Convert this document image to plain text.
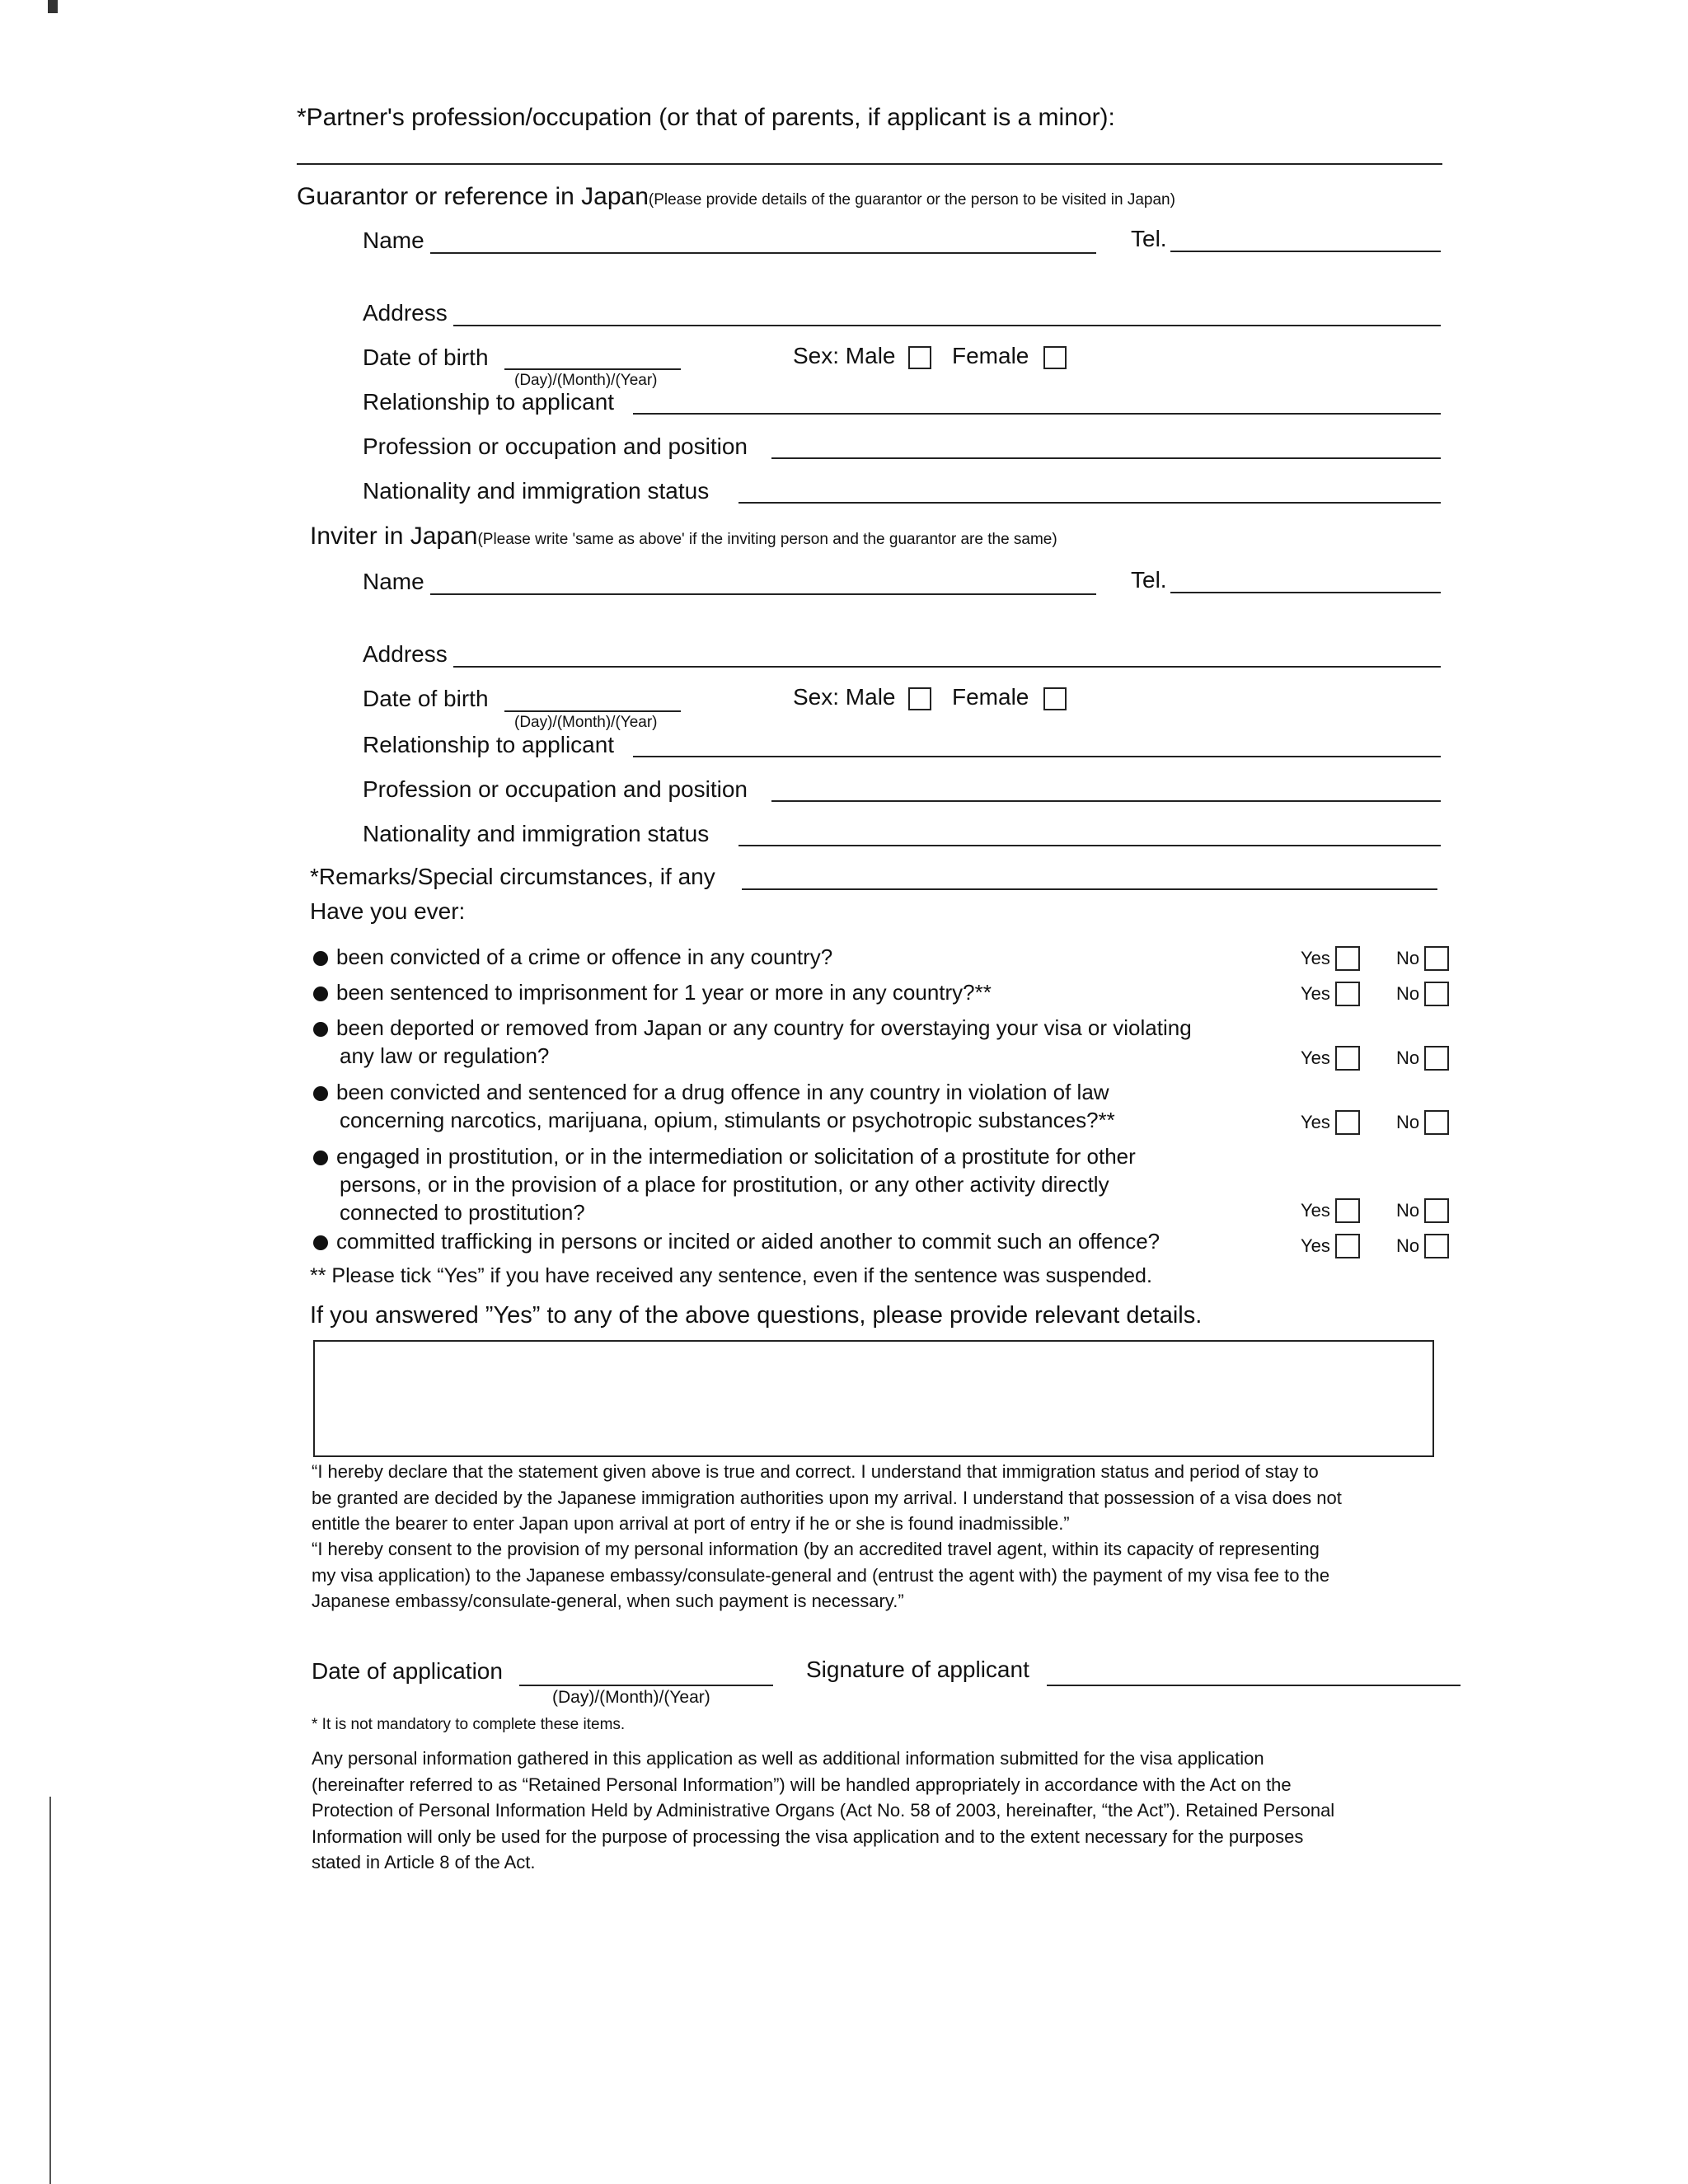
*Partner's profession/occupation (or that of parents, if applicant is a minor):
Guarantor or reference in Japan(Please provide details of the guarantor or the person to be visited in Japan)
Name	Tel.
Address
Date of birth
(Day)/(Month)/(Year)
Sex: Male Female
Relationship to applicant
Profession or occupation and position
Nationality and immigration status
Inviter in Japan(Please write 'same as above' if the inviting person and the guarantor are the same)
Name	Tel.
Address
Date of birth
(Day)/(Month)/(Year)
Sex: Male Female
Relationship to applicant
Profession or occupation and position
Nationality and immigration status
*Remarks/Special circumstances, if any
Have you ever:
been convicted of a crime or offence in any country?	Yes	No
been sentenced to imprisonment for 1 year or more in any country?**	Yes	No
been deported or removed from Japan or any country for overstaying your visa or violating
any law or regulation?	Yes	No
been convicted and sentenced for a drug offence in any country in violation of law
concerning narcotics, marijuana, opium, stimulants or psychotropic substances?**	Yes	No
engaged in prostitution, or in the intermediation or solicitation of a prostitute for other
persons, or in the provision of a place for prostitution, or any other activity directly
connected to prostitution?	Yes	No
committed trafficking in persons or incited or aided another to commit such an offence?	Yes	No
** Please tick “Yes” if you have received any sentence, even if the sentence was suspended.
If you answered ”Yes” to any of the above questions, please provide relevant details.
“I hereby declare that the statement given above is true and correct. I understand that immigration status and period of stay to
be granted are decided by the Japanese immigration authorities upon my arrival. I understand that possession of a visa does not
entitle the bearer to enter Japan upon arrival at port of entry if he or she is found inadmissible.”
“I hereby consent to the provision of my personal information (by an accredited travel agent, within its capacity of representing
my visa application) to the Japanese embassy/consulate-general and (entrust the agent with) the payment of my visa fee to the
Japanese embassy/consulate-general, when such payment is necessary.”
Date of application
(Day)/(Month)/(Year)
Signature of applicant
* It is not mandatory to complete these items.
Any personal information gathered in this application as well as additional information submitted for the visa application
(hereinafter referred to as “Retained Personal Information”) will be handled appropriately in accordance with the Act on the
Protection of Personal Information Held by Administrative Organs (Act No. 58 of 2003, hereinafter, “the Act”). Retained Personal
Information will only be used for the purpose of processing the visa application and to the extent necessary for the purposes
stated in Article 8 of the Act.
